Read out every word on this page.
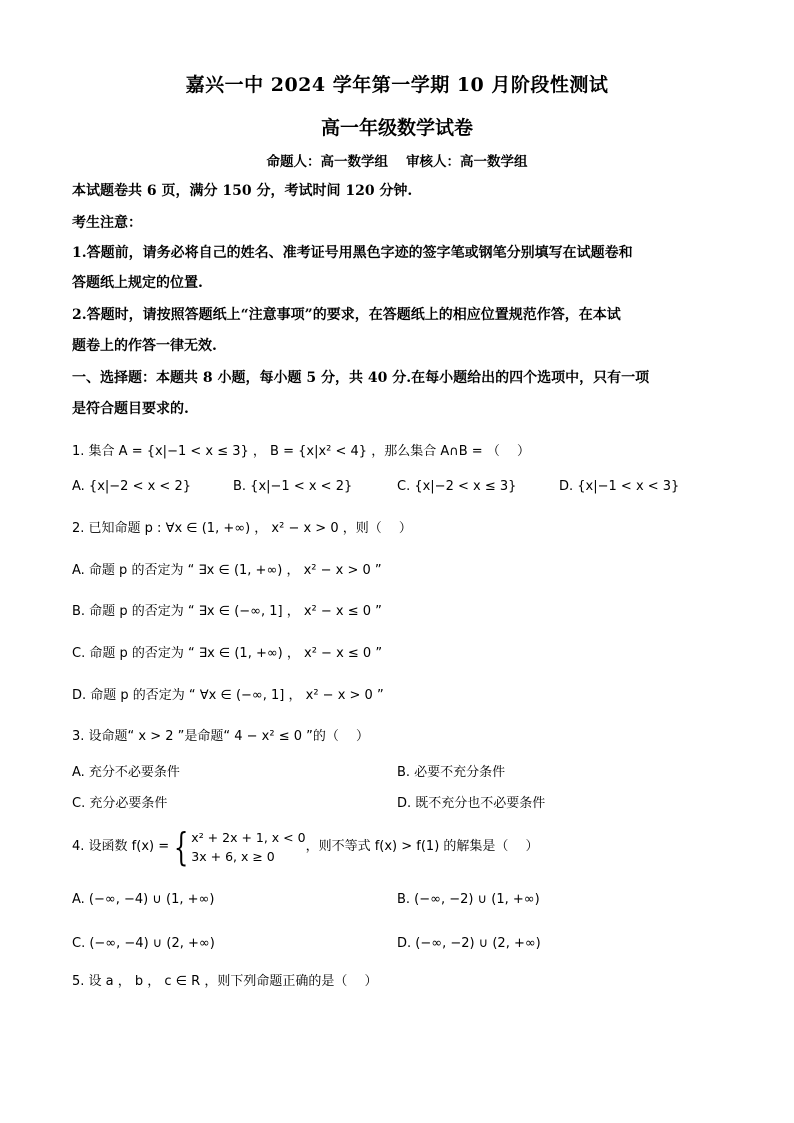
嘉兴一中 2024 学年第一学期 10 月阶段性测试
高一年级数学试卷
命题人：高一数学组 审核人：高一数学组
本试题卷共 6 页，满分 150 分，考试时间 120 分钟.
考生注意：
1.答题前，请务必将自己的姓名、准考证号用黑色字迹的签字笔或钢笔分别填写在试题卷和
答题纸上规定的位置.
2.答题时，请按照答题纸上“注意事项”的要求，在答题纸上的相应位置规范作答，在本试
题卷上的作答一律无效.
一、选择题：本题共 8 小题，每小题 5 分，共 40 分.在每小题给出的四个选项中，只有一项
是符合题目要求的.
1. 集合 A = {x|−1 < x ≤ 3} ， B = {x|x² < 4} ，那么集合 A∩B = （　 ）
A. {x|−2 < x < 2}	B. {x|−1 < x < 2}	C. {x|−2 < x ≤ 3}	D. {x|−1 < x < 3}
2. 已知命题 p : ∀x ∈ (1, +∞) ， x² − x > 0 ，则（　 ）
A. 命题 p 的否定为 “ ∃x ∈ (1, +∞) ， x² − x > 0 ”
B. 命题 p 的否定为 “ ∃x ∈ (−∞, 1] ， x² − x ≤ 0 ”
C. 命题 p 的否定为 “ ∃x ∈ (1, +∞) ， x² − x ≤ 0 ”
D. 命题 p 的否定为 “ ∀x ∈ (−∞, 1] ， x² − x > 0 ”
3. 设命题“ x > 2 ”是命题“ 4 − x² ≤ 0 ”的（　 ）
A. 充分不必要条件	B. 必要不充分条件
C. 充分必要条件	D. 既不充分也不必要条件
4. 设函数 f(x) = { x² + 2x + 1, x < 0
3x + 6, x ≥ 0
，则不等式 f(x) > f(1) 的解集是（　 ）
A. (−∞, −4) ∪ (1, +∞)	B. (−∞, −2) ∪ (1, +∞)
C. (−∞, −4) ∪ (2, +∞)	D. (−∞, −2) ∪ (2, +∞)
5. 设 a ， b ， c ∈ R ，则下列命题正确的是（　 ）
